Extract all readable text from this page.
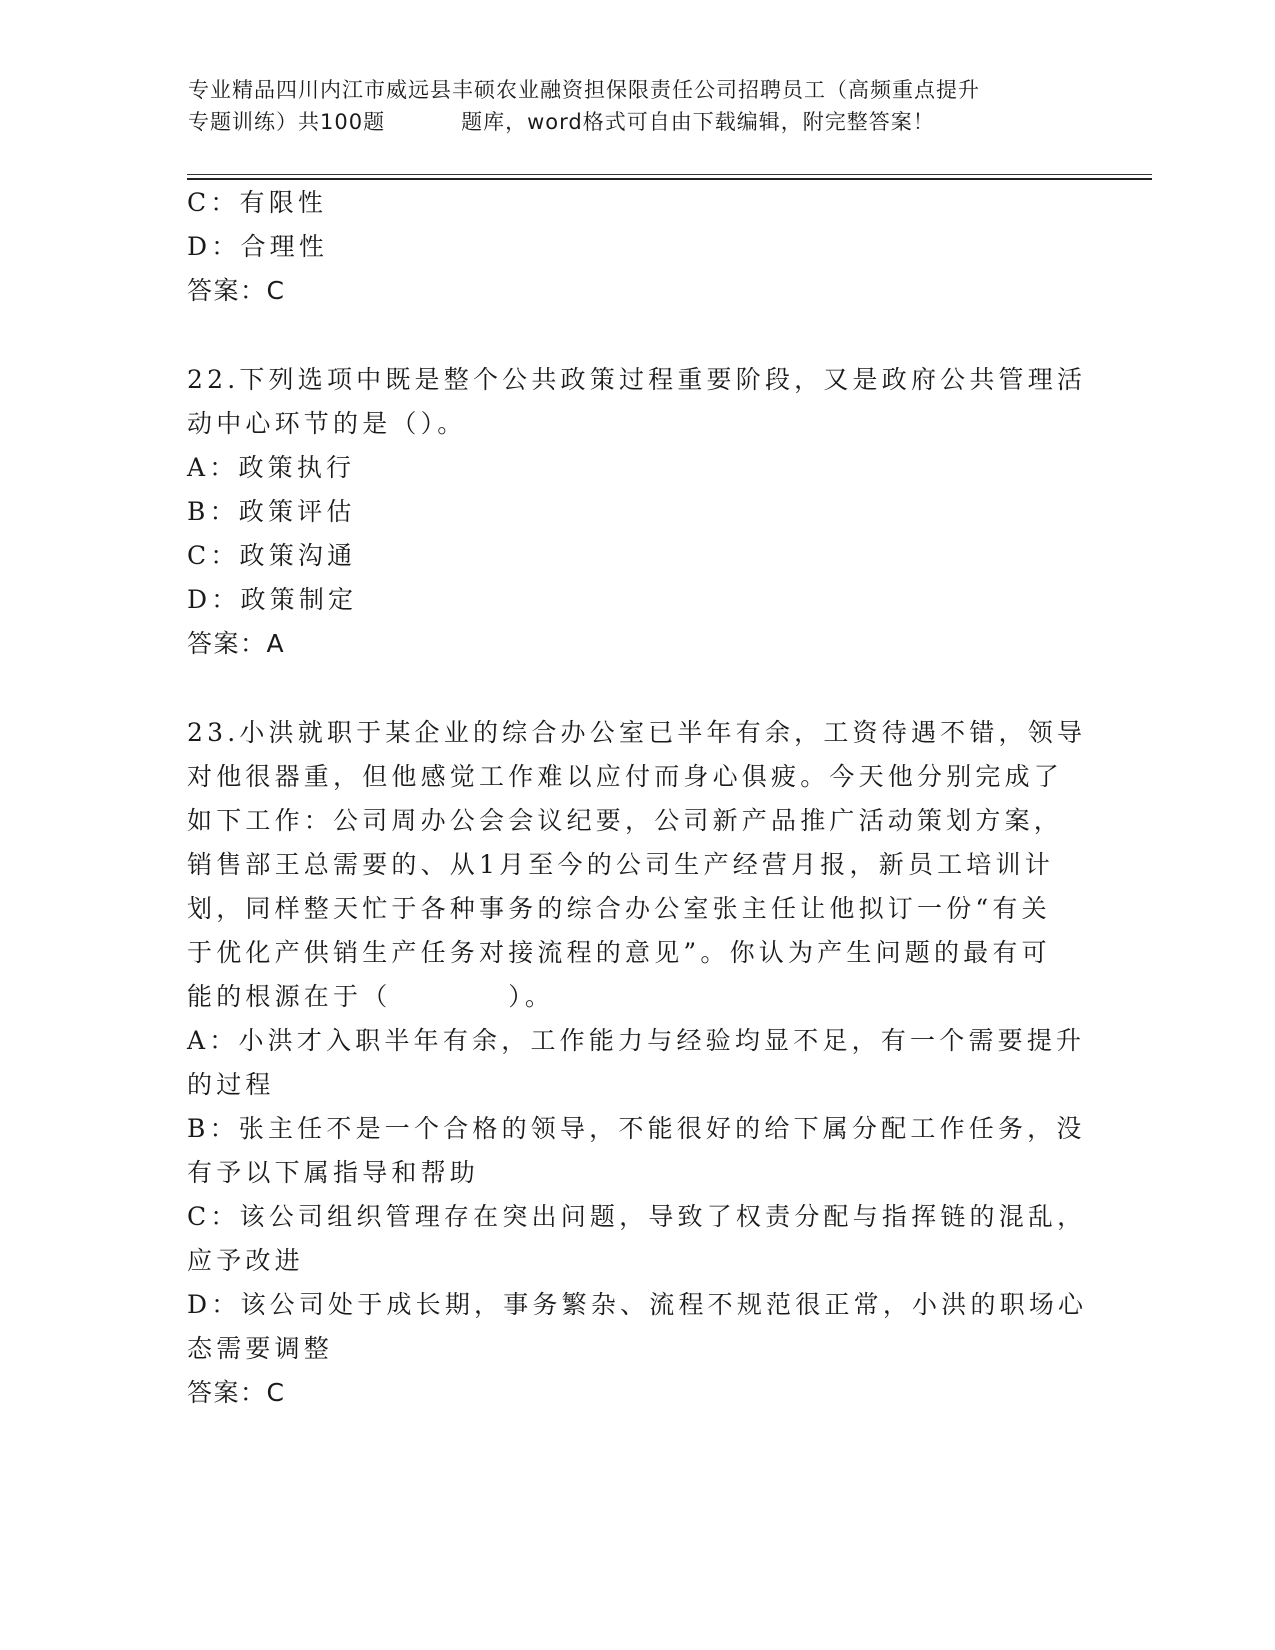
专业精品四川内江市威远县丰硕农业融资担保限责任公司招聘员工（高频重点提升
专题训练）共100题	题库，word格式可自由下载编辑，附完整答案！
C：有限性
D：合理性
答案：C
22.下列选项中既是整个公共政策过程重要阶段，又是政府公共管理活
动中心环节的是（）。
A：政策执行
B：政策评估
C：政策沟通
D：政策制定
答案：A
23.小洪就职于某企业的综合办公室已半年有余，工资待遇不错，领导
对他很器重，但他感觉工作难以应付而身心俱疲。今天他分别完成了
如下工作：公司周办公会会议纪要，公司新产品推广活动策划方案，
销售部王总需要的、从1月至今的公司生产经营月报，新员工培训计
划，同样整天忙于各种事务的综合办公室张主任让他拟订一份“有关
于优化产供销生产任务对接流程的意见”。你认为产生问题的最有可
能的根源在于（　　　　）。
A：小洪才入职半年有余，工作能力与经验均显不足，有一个需要提升
的过程
B：张主任不是一个合格的领导，不能很好的给下属分配工作任务，没
有予以下属指导和帮助
C：该公司组织管理存在突出问题，导致了权责分配与指挥链的混乱，
应予改进
D：该公司处于成长期，事务繁杂、流程不规范很正常，小洪的职场心
态需要调整
答案：C
